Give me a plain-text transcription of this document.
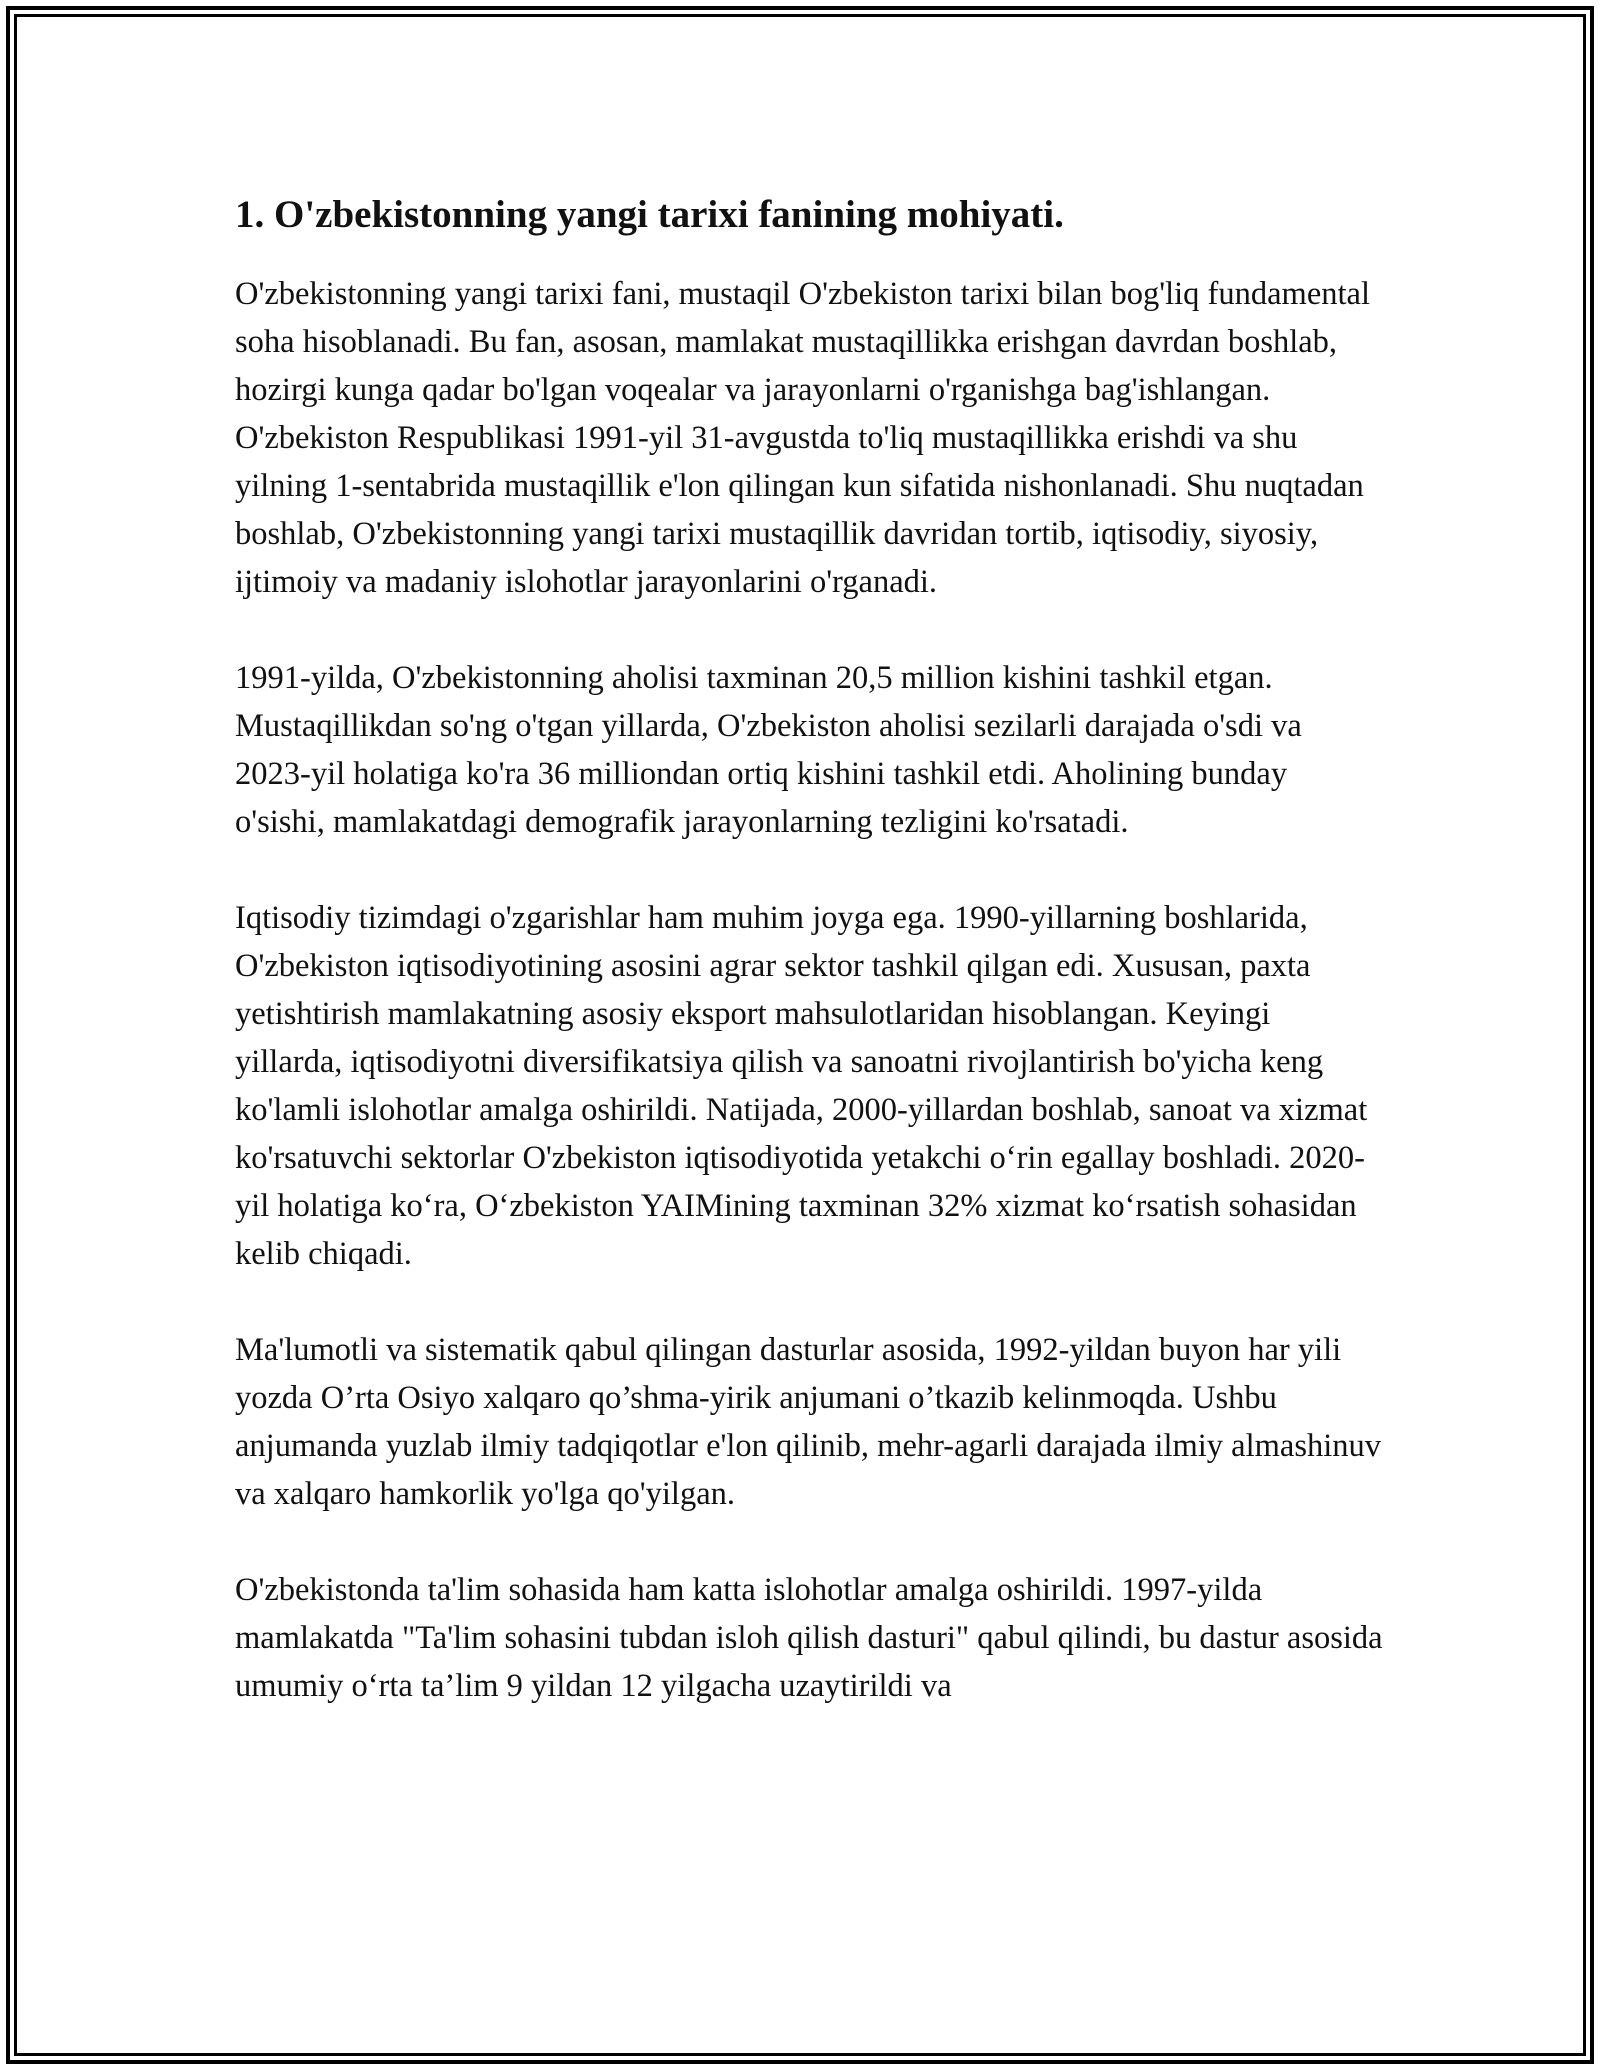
1. O'zbekistonning yangi tarixi fanining mohiyati.

O'zbekistonning yangi tarixi fani, mustaqil O'zbekiston tarixi bilan bog'liq fundamental soha hisoblanadi. Bu fan, asosan, mamlakat mustaqillikka erishgan davrdan boshlab, hozirgi kunga qadar bo'lgan voqealar va jarayonlarni o'rganishga bag'ishlangan. O'zbekiston Respublikasi 1991-yil 31-avgustda to'liq mustaqillikka erishdi va shu yilning 1-sentabrida mustaqillik e'lon qilingan kun sifatida nishonlanadi. Shu nuqtadan boshlab, O'zbekistonning yangi tarixi mustaqillik davridan tortib, iqtisodiy, siyosiy, ijtimoiy va madaniy islohotlar jarayonlarini o'rganadi.

1991-yilda, O'zbekistonning aholisi taxminan 20,5 million kishini tashkil etgan. Mustaqillikdan so'ng o'tgan yillarda, O'zbekiston aholisi sezilarli darajada o'sdi va 2023-yil holatiga ko'ra 36 milliondan ortiq kishini tashkil etdi. Aholining bunday o'sishi, mamlakatdagi demografik jarayonlarning tezligini ko'rsatadi.

Iqtisodiy tizimdagi o'zgarishlar ham muhim joyga ega. 1990-yillarning boshlarida, O'zbekiston iqtisodiyotining asosini agrar sektor tashkil qilgan edi. Xususan, paxta yetishtirish mamlakatning asosiy eksport mahsulotlaridan hisoblangan. Keyingi yillarda, iqtisodiyotni diversifikatsiya qilish va sanoatni rivojlantirish bo'yicha keng ko'lamli islohotlar amalga oshirildi. Natijada, 2000-yillardan boshlab, sanoat va xizmat ko'rsatuvchi sektorlar O'zbekiston iqtisodiyotida yetakchi o‘rin egallay boshladi. 2020-yil holatiga ko‘ra, O‘zbekiston YAIMining taxminan 32% xizmat ko‘rsatish sohasidan kelib chiqadi.

Ma'lumotli va sistematik qabul qilingan dasturlar asosida, 1992-yildan buyon har yili yozda O’rta Osiyo xalqaro qo’shma-yirik anjumani o’tkazib kelinmoqda. Ushbu anjumanda yuzlab ilmiy tadqiqotlar e'lon qilinib, mehr-agarli darajada ilmiy almashinuv va xalqaro hamkorlik yo'lga qo'yilgan.

O'zbekistonda ta'lim sohasida ham katta islohotlar amalga oshirildi. 1997-yilda mamlakatda "Ta'lim sohasini tubdan isloh qilish dasturi" qabul qilindi, bu dastur asosida umumiy o‘rta ta’lim 9 yildan 12 yilgacha uzaytirildi va
